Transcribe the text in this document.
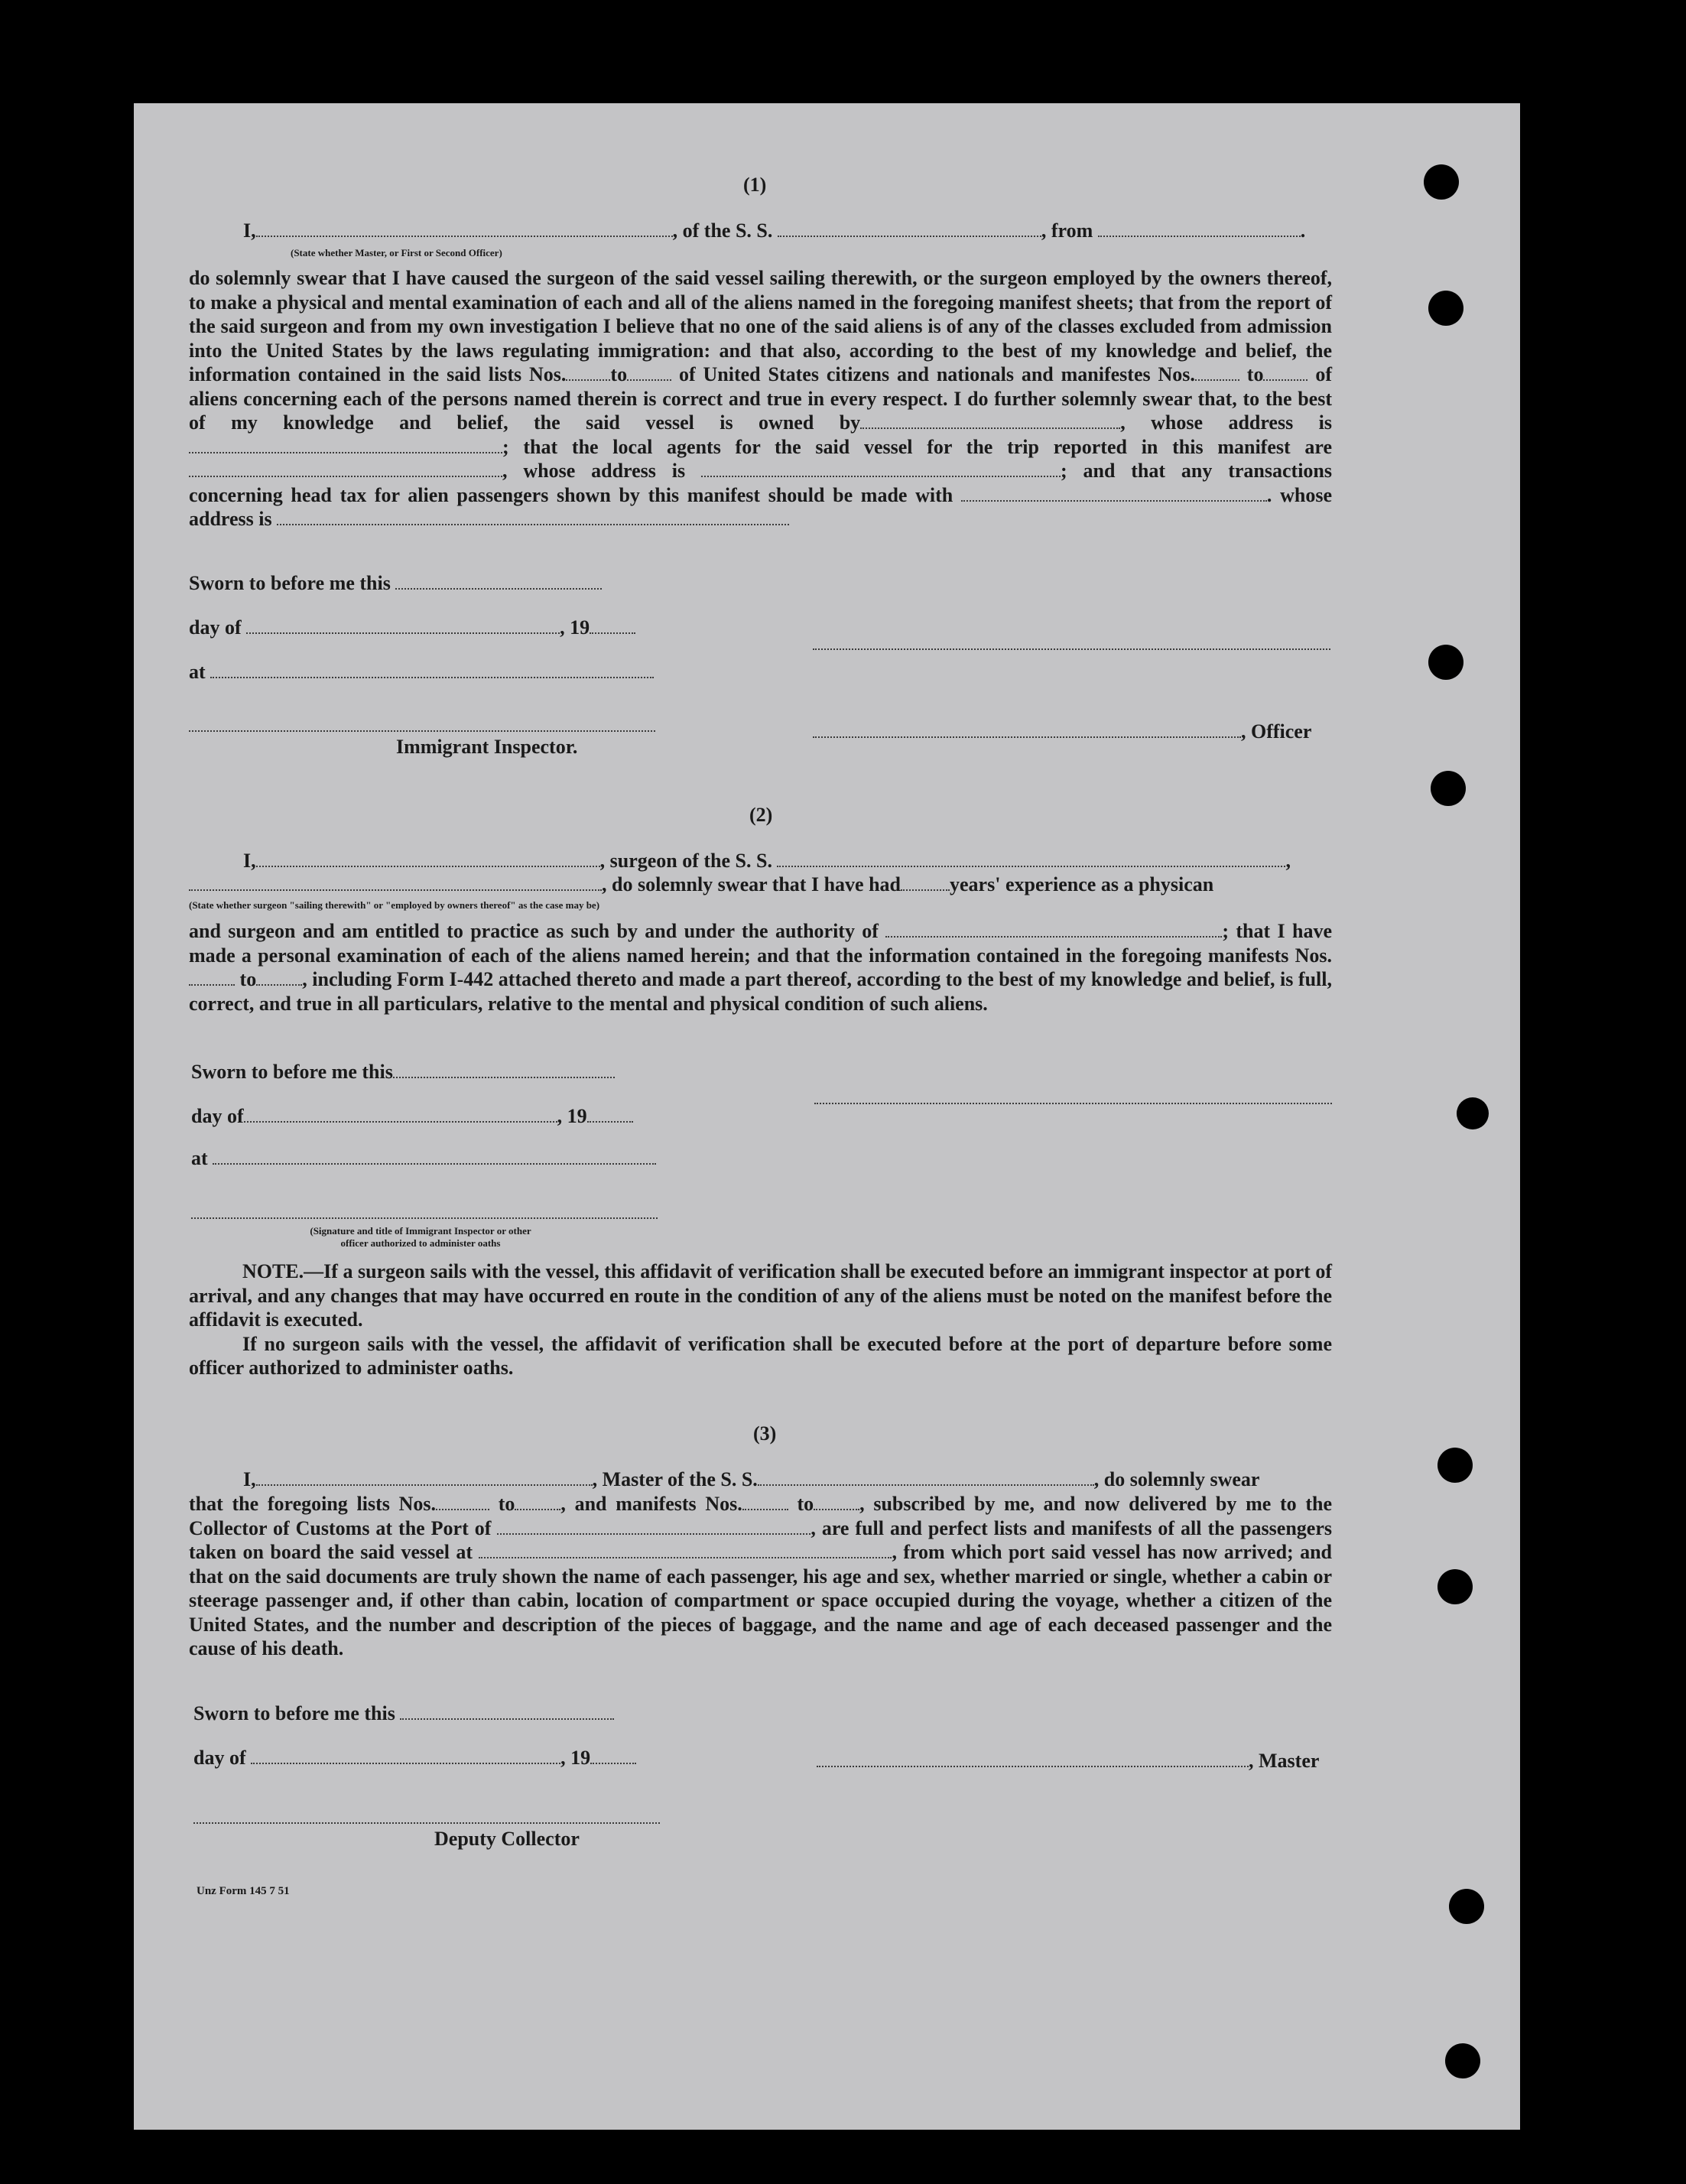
(1)
I,	, of the S. S.	, from	.
(State whether Master, or First or Second Officer)
do solemnly swear that I have caused the surgeon of the said vessel sailing therewith, or the surgeon employed by the owners thereof, to make a physical and mental examination of each and all of the aliens named in the foregoing manifest sheets; that from the report of the said surgeon and from my own investigation I believe that no one of the said aliens is of any of the classes excluded from admission into the United States by the laws regulating immigration: and that also, according to the best of my knowledge and belief, the information contained in the said lists Nos. to	of United States citizens and nationals and manifestes Nos.	to	of aliens concerning each of the persons named therein is correct and true in every respect. I do further solemnly swear that, to the best of my knowledge and belief, the said vessel is owned by	, whose address is ; that the local agents for the said vessel for the trip reported in this manifest are , whose address is	; and that any transactions concerning head tax for alien passengers shown by this manifest should be made with	. whose address is
Sworn to before me this
day of	, 19
at
, Officer
Immigrant Inspector.
(2)
I,	, surgeon of the S. S.	,
, do solemnly swear that I have had years' experience as a physican
(State whether surgeon "sailing therewith" or "employed by owners thereof" as the case may be)
and surgeon and am entitled to practice as such by and under the authority of	; that I have made a personal examination of each of the aliens named herein; and that the information contained in the foregoing manifests Nos. to , including Form I-442 attached thereto and made a part thereof, according to the best of my knowledge and belief, is full, correct, and true in all particulars, relative to the mental and physical condition of such aliens.
Sworn to before me this
day of	, 19
at
(Signature and title of Immigrant Inspector or other
officer authorized to administer oaths

NOTE.—If a surgeon sails with the vessel, this affidavit of verification shall be executed before an immigrant inspector at port of arrival, and any changes that may have occurred en route in the condition of any of the aliens must be noted on the manifest before the affidavit is executed.

If no surgeon sails with the vessel, the affidavit of verification shall be executed before at the port of departure before some officer authorized to administer oaths.

(3)
I,	, Master of the S. S.	, do solemnly swear
that the foregoing lists Nos.	to , and manifests Nos.	to , subscribed by me, and now delivered by me to the Collector of Customs at the Port of	, are full and perfect lists and manifests of all the passengers taken on board the said vessel at	, from which port said vessel has now arrived; and that on the said documents are truly shown the name of each passenger, his age and sex, whether married or single, whether a cabin or steerage passenger and, if other than cabin, location of compartment or space occupied during the voyage, whether a citizen of the United States, and the number and description of the pieces of baggage, and the name and age of each deceased passenger and the cause of his death.
Sworn to before me this
day of	, 19	, Master
Deputy Collector
Unz Form 145 7 51
